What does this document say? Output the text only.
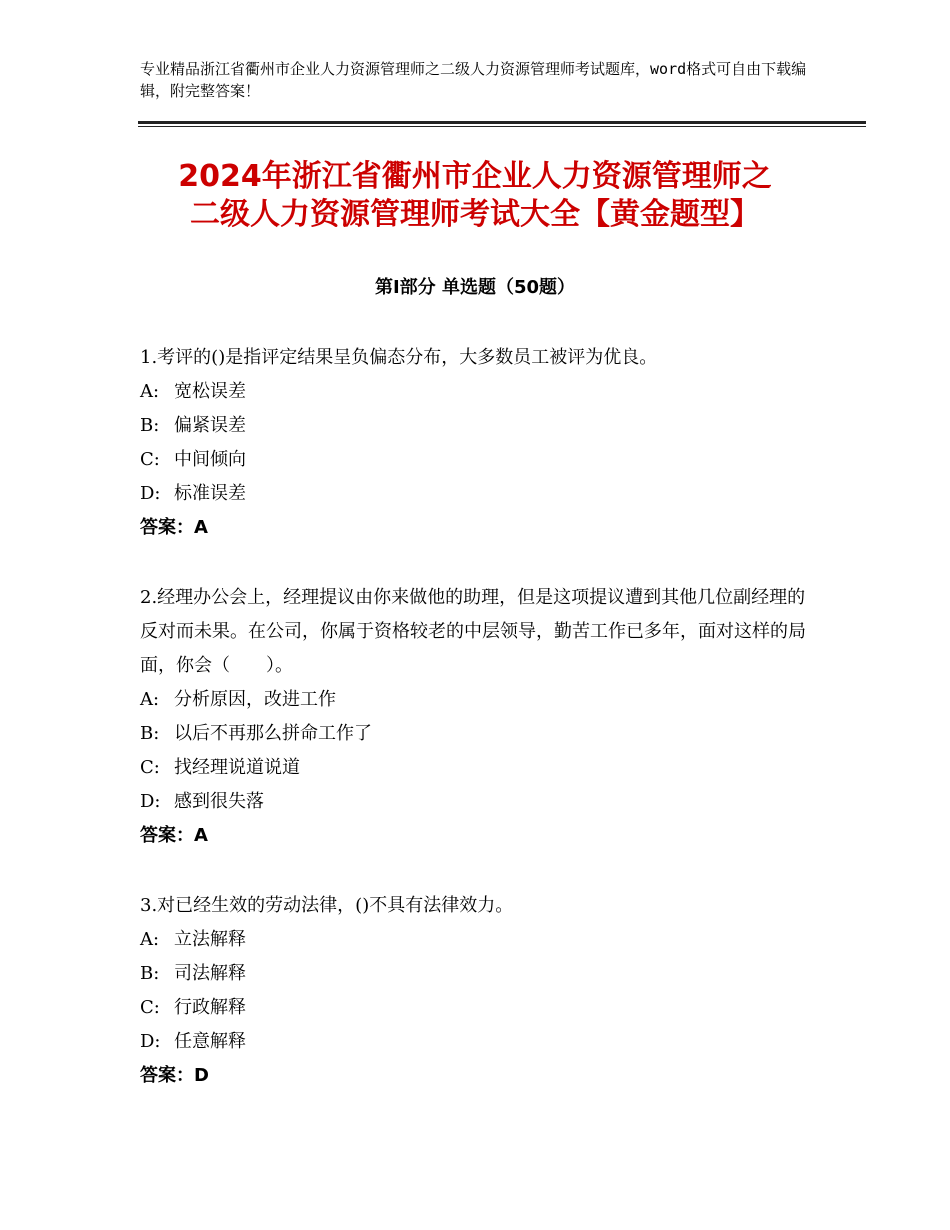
专业精品浙江省衢州市企业人力资源管理师之二级人力资源管理师考试题库，word格式可自由下载编辑，附完整答案！
2024年浙江省衢州市企业人力资源管理师之
二级人力资源管理师考试大全【黄金题型】
第Ⅰ部分 单选题（50题）

1.考评的()是指评定结果呈负偏态分布，大多数员工被评为优良。

A: 宽松误差

B: 偏紧误差

C: 中间倾向

D: 标准误差

答案：A

2.经理办公会上，经理提议由你来做他的助理，但是这项提议遭到其他几位副经理的反对而未果。在公司，你属于资格较老的中层领导，勤苦工作已多年，面对这样的局面，你会（　　）。

A: 分析原因，改进工作

B: 以后不再那么拼命工作了

C: 找经理说道说道

D: 感到很失落

答案：A

3.对已经生效的劳动法律，()不具有法律效力。

A: 立法解释

B: 司法解释

C: 行政解释

D: 任意解释

答案：D
